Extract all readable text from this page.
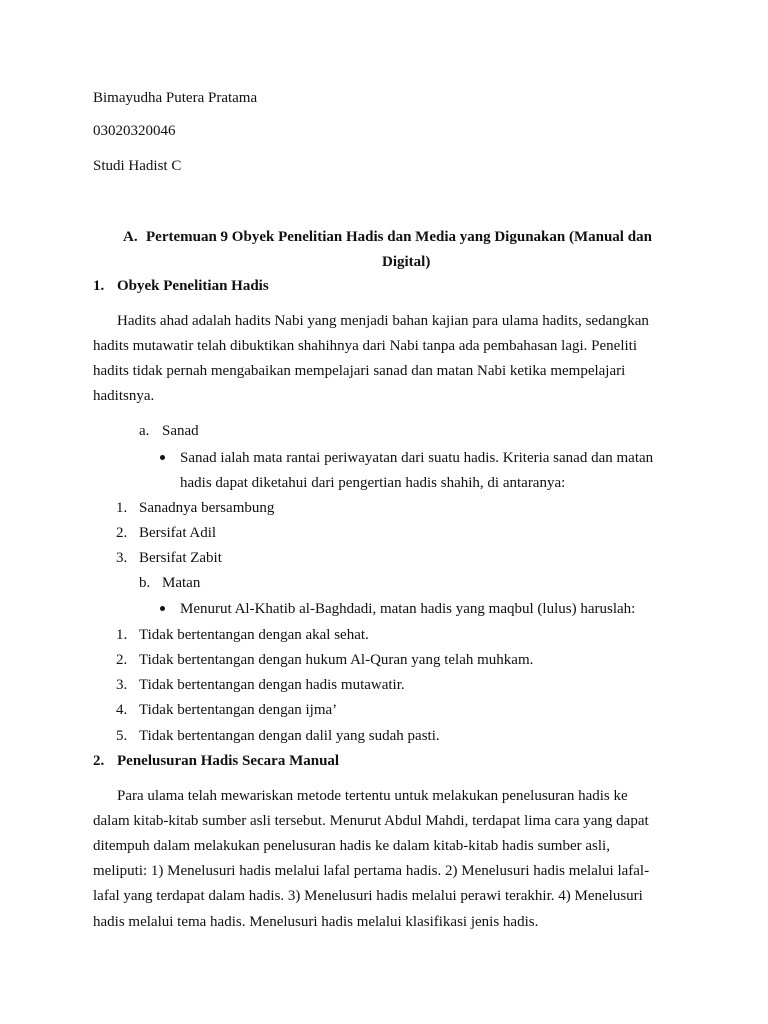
Bimayudha Putera Pratama
03020320046
Studi Hadist C
A. Pertemuan 9 Obyek Penelitian Hadis dan Media yang Digunakan (Manual dan
Digital)
1. Obyek Penelitian Hadis
Hadits ahad adalah hadits Nabi yang menjadi bahan kajian para ulama hadits, sedangkan
hadits mutawatir telah dibuktikan shahihnya dari Nabi tanpa ada pembahasan lagi. Peneliti
hadits tidak pernah mengabaikan mempelajari sanad dan matan Nabi ketika mempelajari
haditsnya.
a. Sanad
Sanad ialah mata rantai periwayatan dari suatu hadis. Kriteria sanad dan matan
hadis dapat diketahui dari pengertian hadis shahih, di antaranya:
1. Sanadnya bersambung
2. Bersifat Adil
3. Bersifat Zabit
b. Matan
Menurut Al-Khatib al-Baghdadi, matan hadis yang maqbul (lulus) haruslah:
1. Tidak bertentangan dengan akal sehat.
2. Tidak bertentangan dengan hukum Al-Quran yang telah muhkam.
3. Tidak bertentangan dengan hadis mutawatir.
4. Tidak bertentangan dengan ijma’
5. Tidak bertentangan dengan dalil yang sudah pasti.
2. Penelusuran Hadis Secara Manual
Para ulama telah mewariskan metode tertentu untuk melakukan penelusuran hadis ke
dalam kitab-kitab sumber asli tersebut. Menurut Abdul Mahdi, terdapat lima cara yang dapat
ditempuh dalam melakukan penelusuran hadis ke dalam kitab-kitab hadis sumber asli,
meliputi: 1) Menelusuri hadis melalui lafal pertama hadis. 2) Menelusuri hadis melalui lafal-
lafal yang terdapat dalam hadis. 3) Menelusuri hadis melalui perawi terakhir. 4) Menelusuri
hadis melalui tema hadis. Menelusuri hadis melalui klasifikasi jenis hadis.
